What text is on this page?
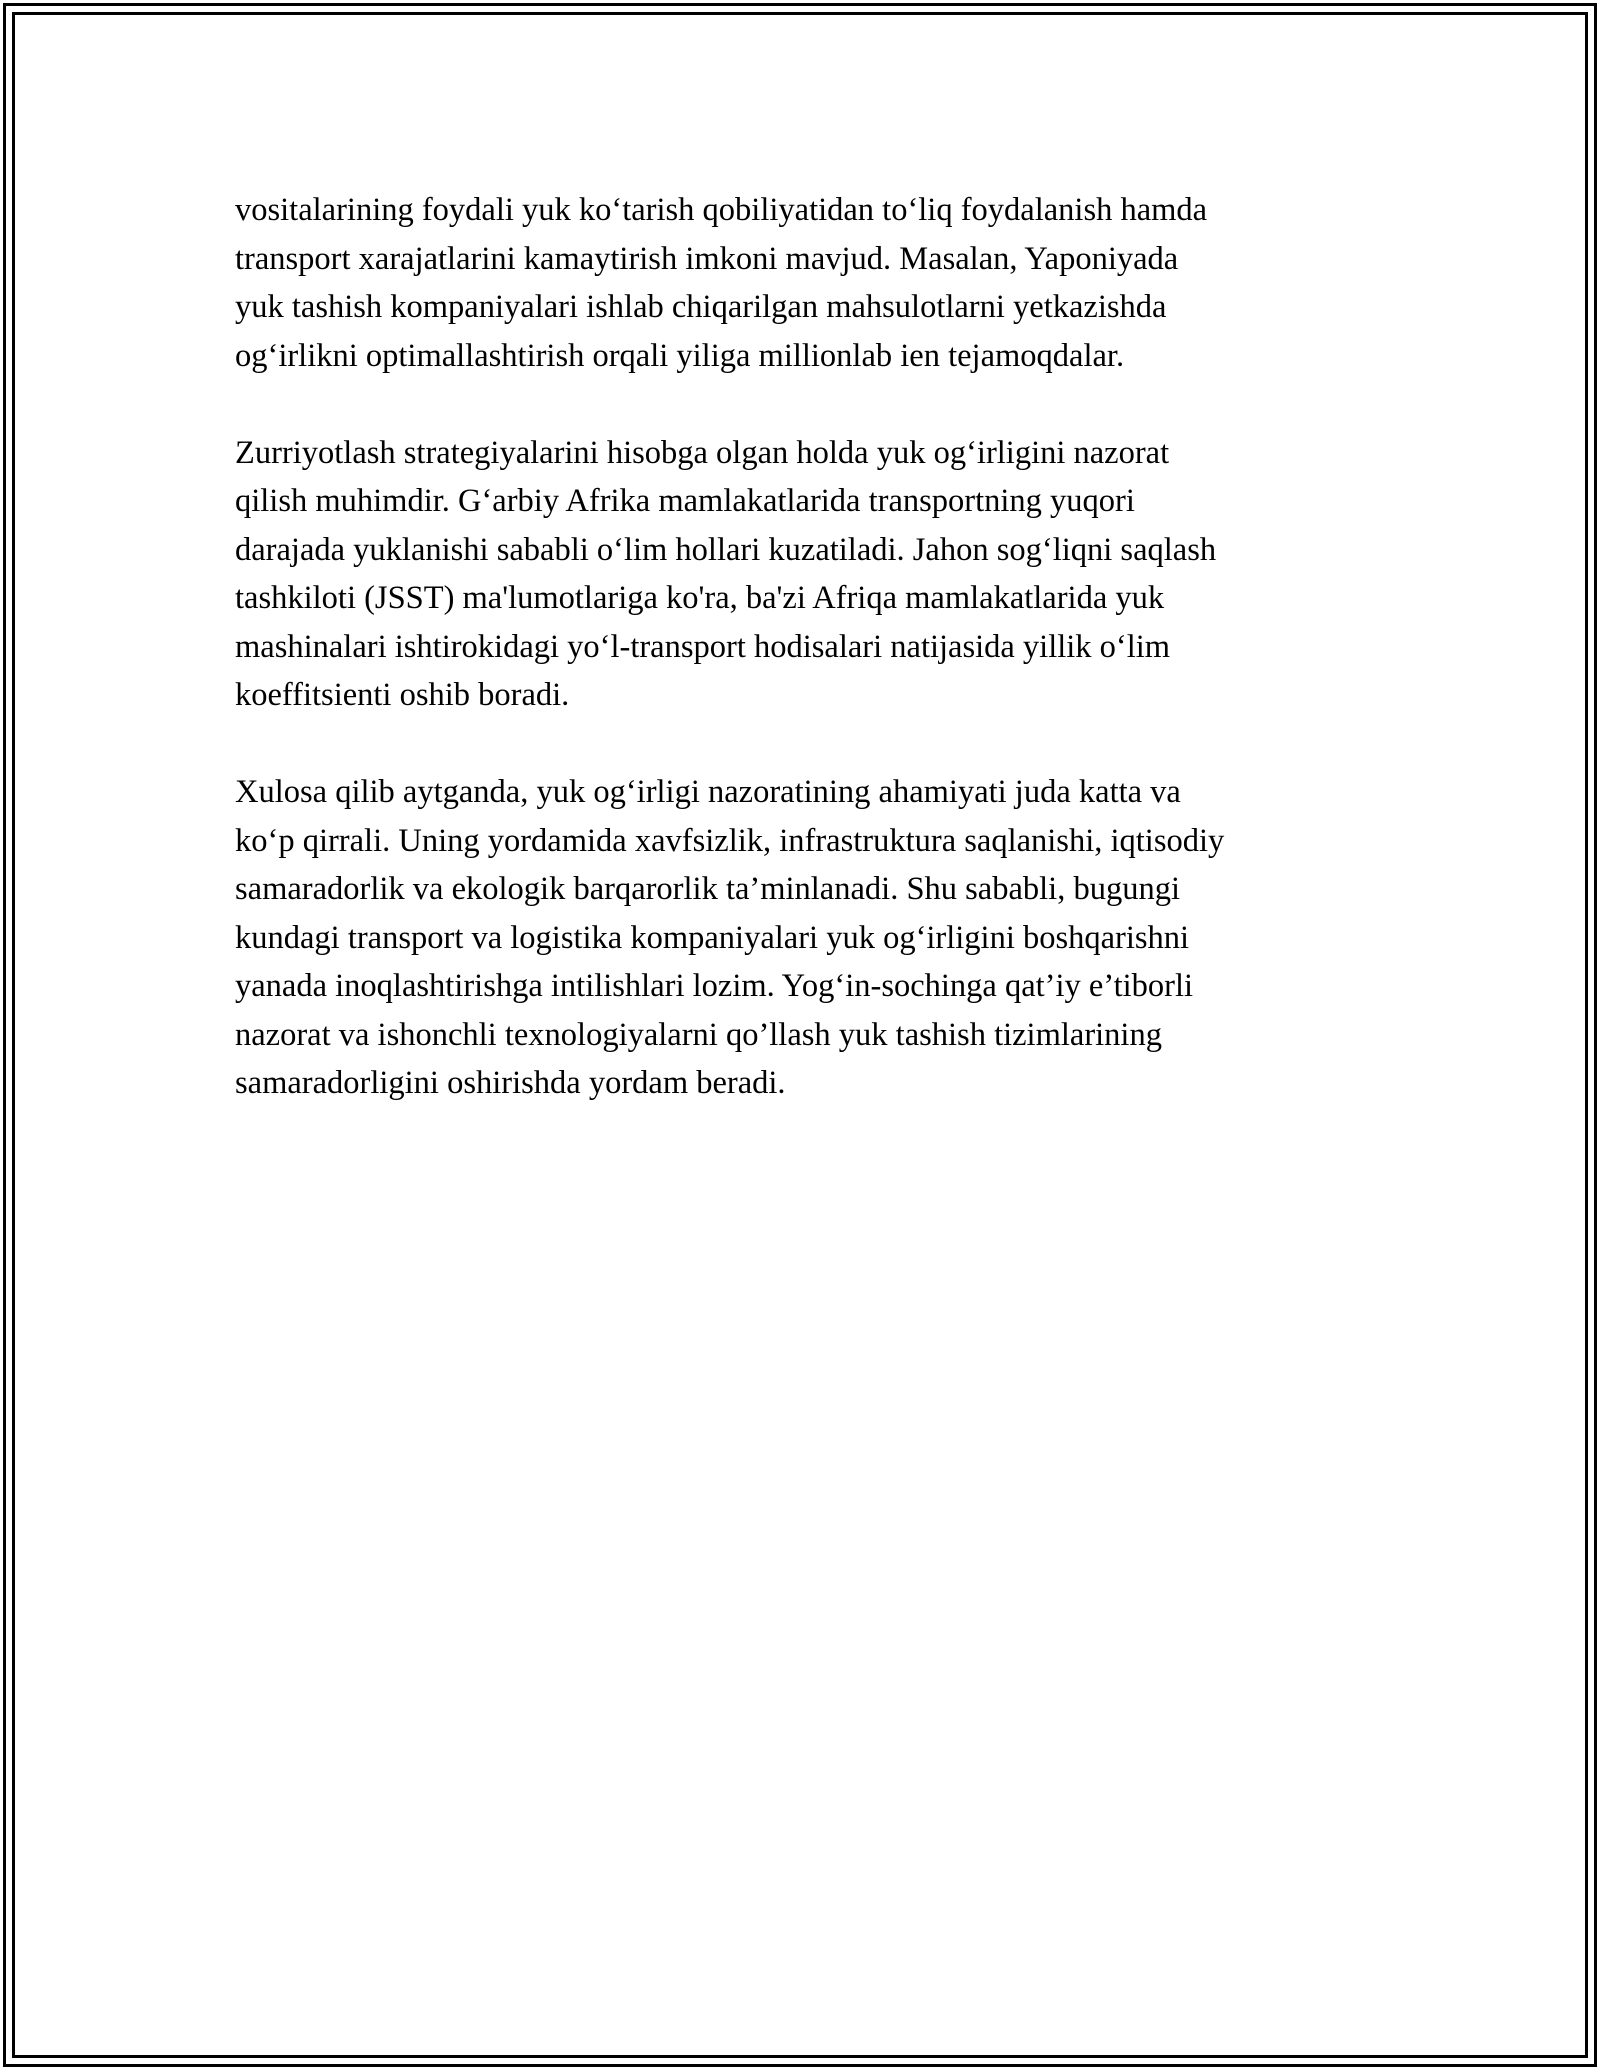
vositalarining foydali yuk ko‘tarish qobiliyatidan to‘liq foydalanish hamda
transport xarajatlarini kamaytirish imkoni mavjud. Masalan, Yaponiyada
yuk tashish kompaniyalari ishlab chiqarilgan mahsulotlarni yetkazishda
og‘irlikni optimallashtirish orqali yiliga millionlab ien tejamoqdalar.

Zurriyotlash strategiyalarini hisobga olgan holda yuk og‘irligini nazorat
qilish muhimdir. G‘arbiy Afrika mamlakatlarida transportning yuqori
darajada yuklanishi sababli o‘lim hollari kuzatiladi. Jahon sog‘liqni saqlash
tashkiloti (JSST) ma'lumotlariga ko'ra, ba'zi Afriqa mamlakatlarida yuk
mashinalari ishtirokidagi yo‘l-transport hodisalari natijasida yillik o‘lim
koeffitsienti oshib boradi.

Xulosa qilib aytganda, yuk og‘irligi nazoratining ahamiyati juda katta va
ko‘p qirrali. Uning yordamida xavfsizlik, infrastruktura saqlanishi, iqtisodiy
samaradorlik va ekologik barqarorlik ta’minlanadi. Shu sababli, bugungi
kundagi transport va logistika kompaniyalari yuk og‘irligini boshqarishni
yanada inoqlashtirishga intilishlari lozim. Yog‘in-sochinga qat’iy e’tiborli
nazorat va ishonchli texnologiyalarni qo’llash yuk tashish tizimlarining
samaradorligini oshirishda yordam beradi.
